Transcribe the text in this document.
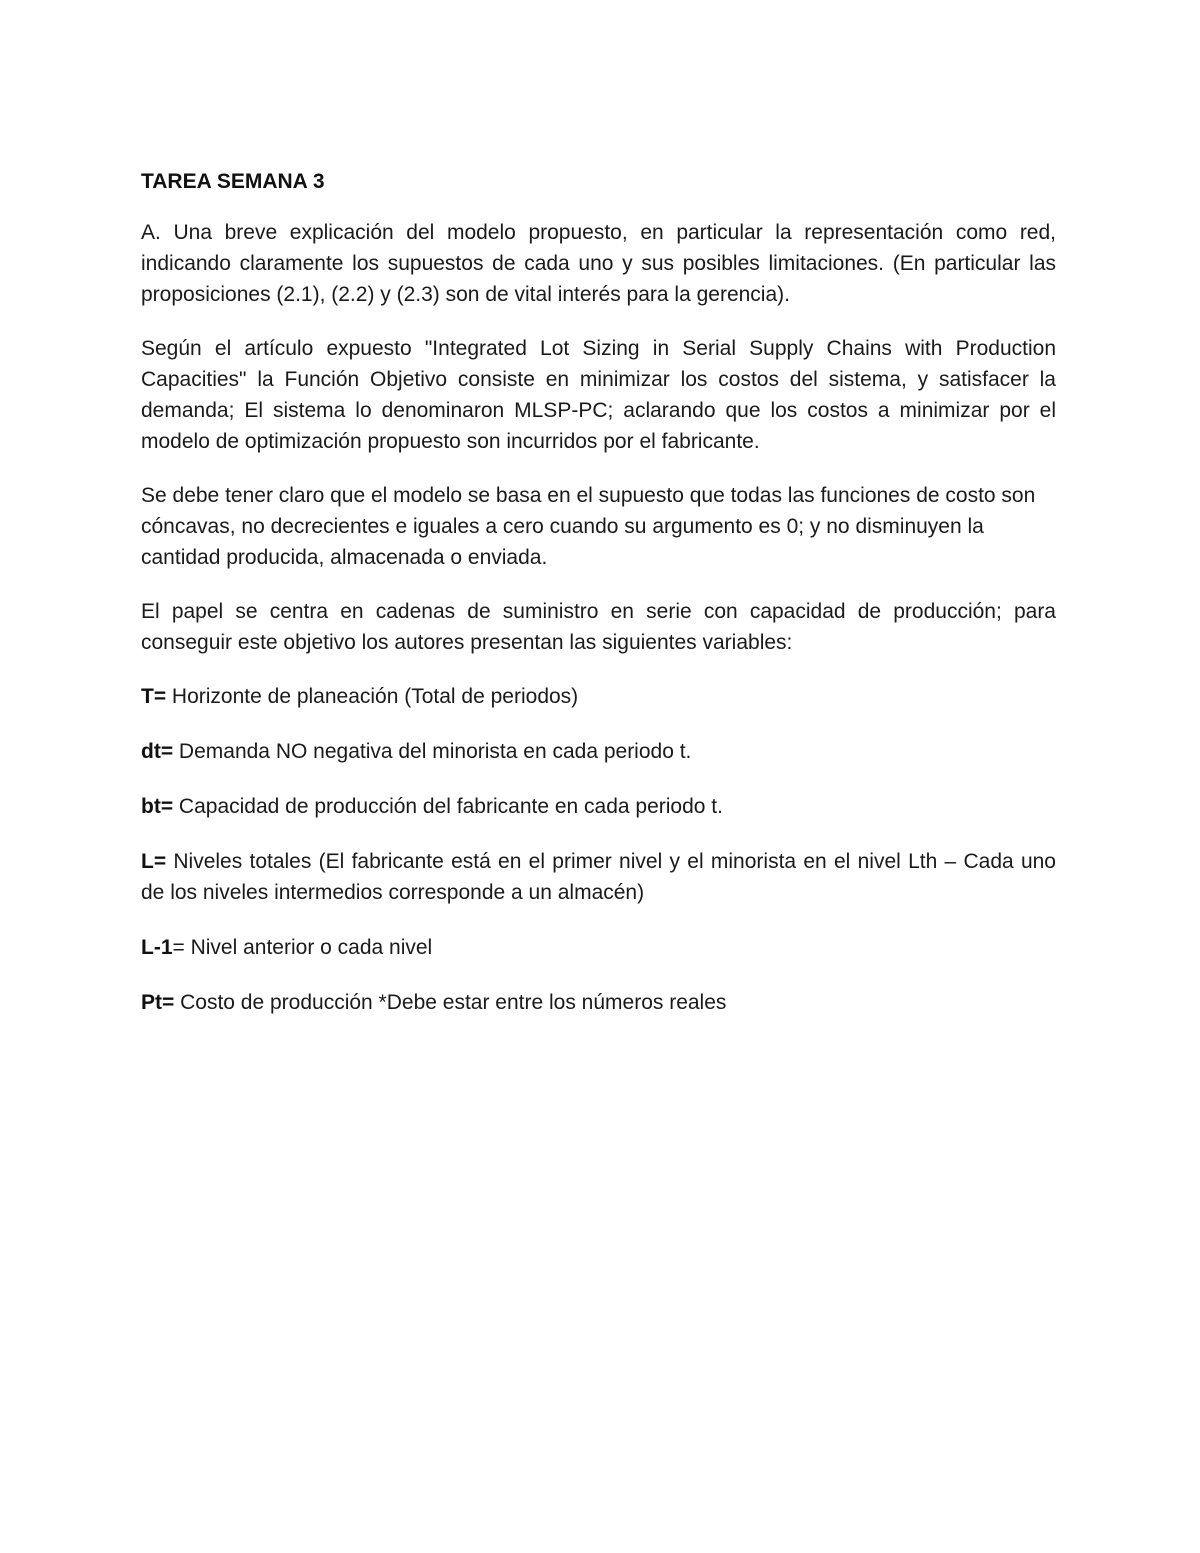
TAREA SEMANA 3

A. Una breve explicación del modelo propuesto, en particular la representación como red, indicando claramente los supuestos de cada uno y sus posibles limitaciones. (En particular las proposiciones (2.1), (2.2) y (2.3) son de vital interés para la gerencia).

Según el artículo expuesto "Integrated Lot Sizing in Serial Supply Chains with Production Capacities" la Función Objetivo consiste en minimizar los costos del sistema, y satisfacer la demanda; El sistema lo denominaron MLSP-PC; aclarando que los costos a minimizar por el modelo de optimización propuesto son incurridos por el fabricante.

Se debe tener claro que el modelo se basa en el supuesto que todas las funciones de costo son cóncavas, no decrecientes e iguales a cero cuando su argumento es 0; y no disminuyen la cantidad producida, almacenada o enviada.

El papel se centra en cadenas de suministro en serie con capacidad de producción; para conseguir este objetivo los autores presentan las siguientes variables:

T= Horizonte de planeación (Total de periodos)

dt= Demanda NO negativa del minorista en cada periodo t.

bt= Capacidad de producción del fabricante en cada periodo t.

L= Niveles totales (El fabricante está en el primer nivel y el minorista en el nivel Lth – Cada uno de los niveles intermedios corresponde a un almacén)

L-1= Nivel anterior o cada nivel

Pt= Costo de producción *Debe estar entre los números reales
